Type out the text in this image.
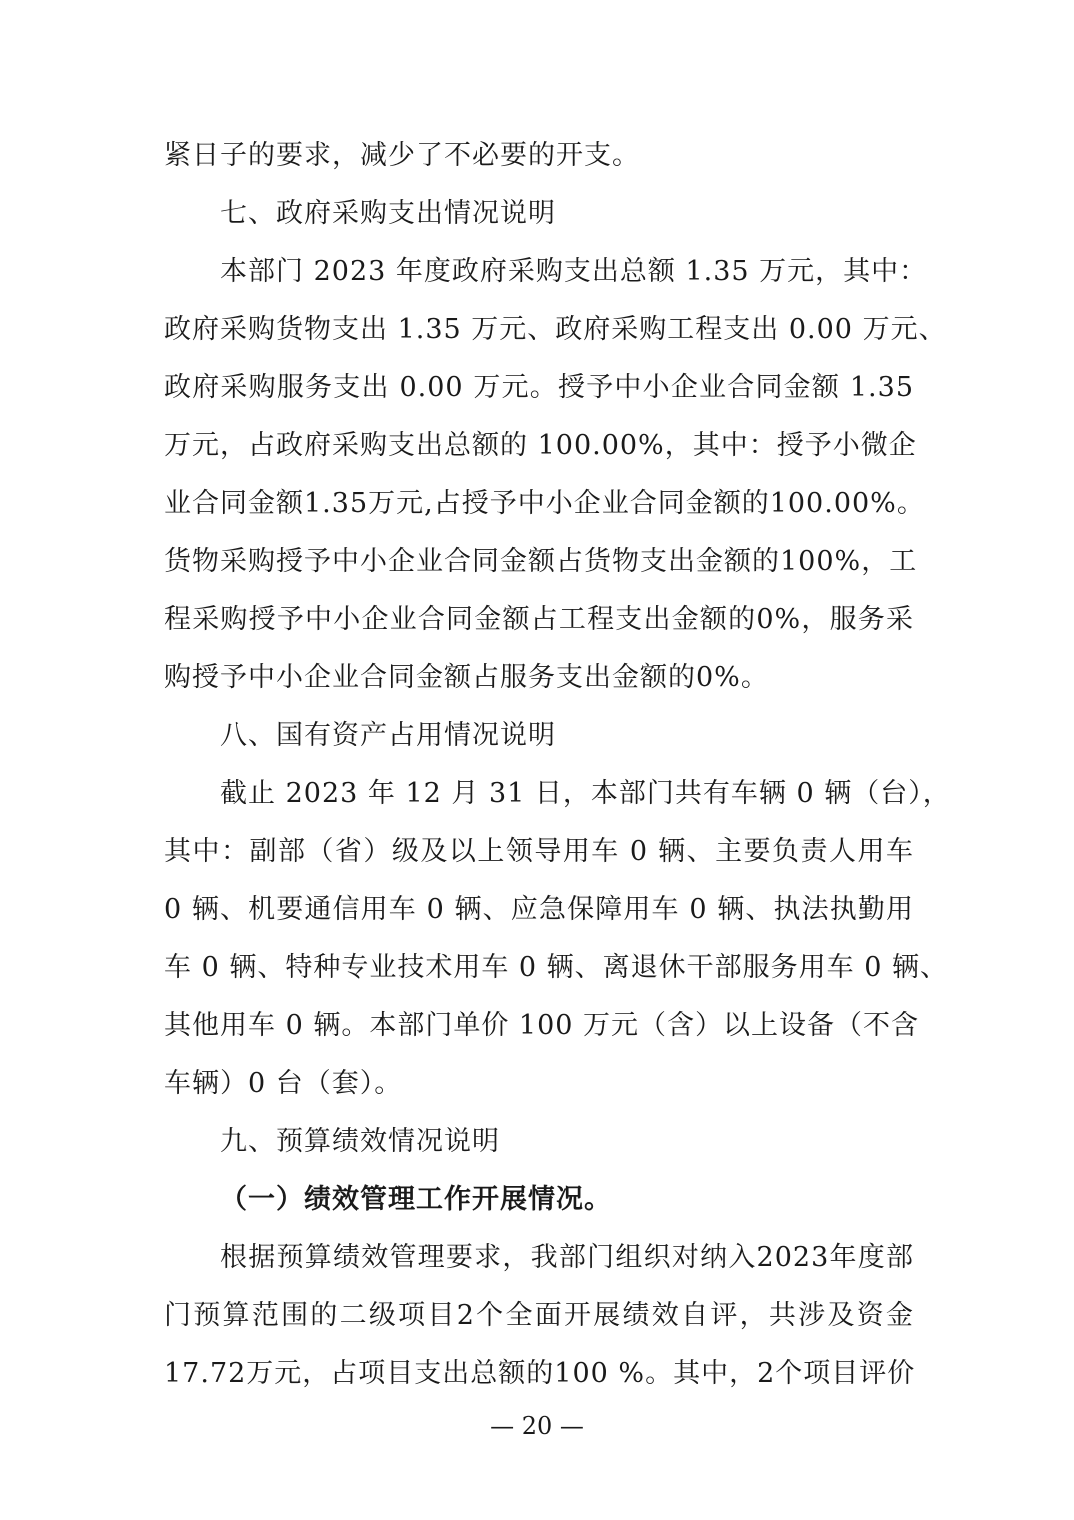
紧日子的要求，减少了不必要的开支。
七、政府采购支出情况说明
本部门 2023 年度政府采购支出总额 1.35 万元，其中：
政府采购货物支出 1.35 万元、政府采购工程支出 0.00 万元、
政府采购服务支出 0.00 万元。授予中小企业合同金额 1.35
万元，占政府采购支出总额的 100.00%，其中：授予小微企
业合同金额1.35万元,占授予中小企业合同金额的100.00%。
货物采购授予中小企业合同金额占货物支出金额的100%，工
程采购授予中小企业合同金额占工程支出金额的0%，服务采
购授予中小企业合同金额占服务支出金额的0%。
八、国有资产占用情况说明
截止 2023 年 12 月 31 日，本部门共有车辆 0 辆（台），
其中：副部（省）级及以上领导用车 0 辆、主要负责人用车
0 辆、机要通信用车 0 辆、应急保障用车 0 辆、执法执勤用
车 0 辆、特种专业技术用车 0 辆、离退休干部服务用车 0 辆、
其他用车 0 辆。本部门单价 100 万元（含）以上设备（不含
车辆）0 台（套）。
九、预算绩效情况说明
（一）绩效管理工作开展情况。
根据预算绩效管理要求，我部门组织对纳入2023年度部
门预算范围的二级项目2个全面开展绩效自评，共涉及资金
17.72万元，占项目支出总额的100 %。其中，2个项目评价
— 20 —
